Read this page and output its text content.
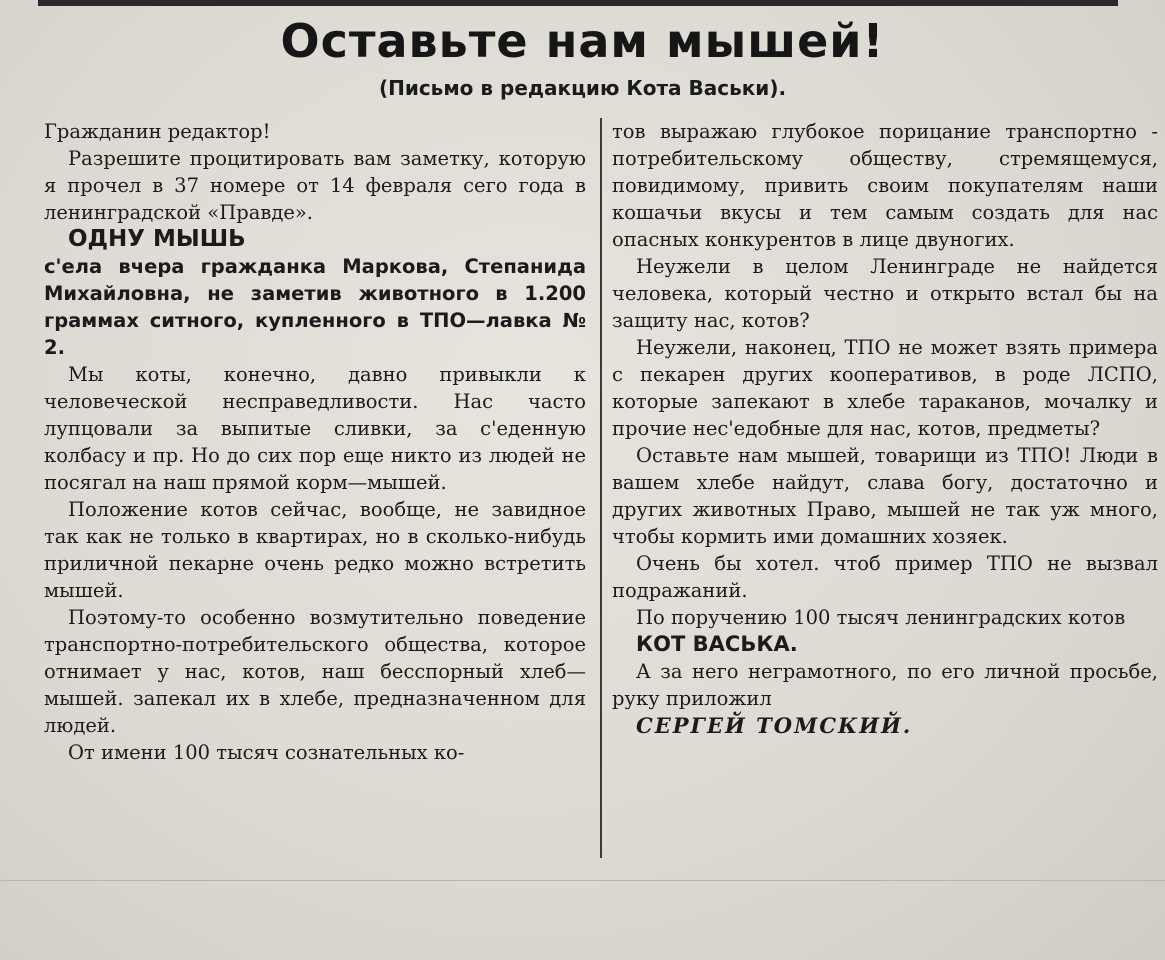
Оставьте нам мышей!
(Письмо в редакцию Кота Васьки).

Гражданин редактор!

Разрешите процитировать вам заметку, которую я прочел в 37 номере от 14 февраля сего года в ленинградской «Правде».

ОДНУ МЫШЬ

с'ела вчера гражданка Маркова, Степанида Михайловна, не заметив животного в 1.200 граммах ситного, купленного в ТПО—лавка № 2.

Мы коты, конечно, давно привыкли к человеческой несправедливости. Нас часто лупцовали за выпитые сливки, за с'еденную колбасу и пр. Но до сих пор еще никто из людей не посягал на наш прямой корм—мышей.

Положение котов сейчас, вообще, не завидное так как не только в квартирах, но в сколько-нибудь приличной пекарне очень редко можно встретить мышей.

Поэтому-то особенно возмутительно поведение транспортно-потребительского общества, которое отнимает у нас, котов, наш бесспорный хлеб—мышей. запекал их в хлебе, предназначенном для людей.

От имени 100 тысяч сознательных ко-

тов выражаю глубокое порицание транспортно - потребительскому обществу, стремящемуся, повидимому, привить своим покупателям наши кошачьи вкусы и тем самым создать для нас опасных конкурентов в лице двуногих.

Неужели в целом Ленинграде не найдется человека, который честно и открыто встал бы на защиту нас, котов?

Неужели, наконец, ТПО не может взять примера с пекарен других кооперативов, в роде ЛСПО, которые запекают в хлебе тараканов, мочалку и прочие нес'едобные для нас, котов, предметы?

Оставьте нам мышей, товарищи из ТПО! Люди в вашем хлебе найдут, слава богу, достаточно и других животных Право, мышей не так уж много, чтобы кормить ими домашних хозяек.

Очень бы хотел. чтоб пример ТПО не вызвал подражаний.

По поручению 100 тысяч ленинградских котов

КОТ ВАСЬКА.

А за него неграмотного, по его личной просьбе, руку приложил

СЕРГЕЙ ТОМСКИЙ.
